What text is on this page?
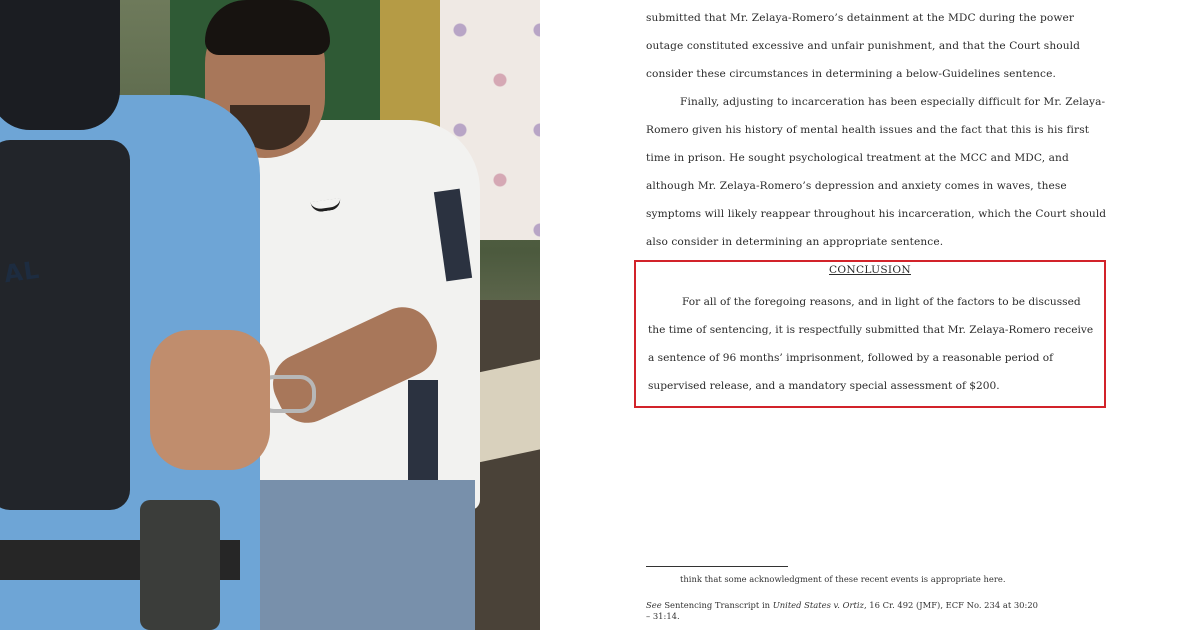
AL

submitted that Mr. Zelaya-Romero’s detainment at the MDC during the power
outage constituted excessive and unfair punishment, and that the Court should
consider these circumstances in determining a below-Guidelines sentence.

Finally, adjusting to incarceration has been especially difficult for Mr. Zelaya-
Romero given his history of mental health issues and the fact that this is his first
time in prison. He sought psychological treatment at the MCC and MDC, and
although Mr. Zelaya-Romero’s depression and anxiety comes in waves, these
symptoms will likely reappear throughout his incarceration, which the Court should
also consider in determining an appropriate sentence.

CONCLUSION

For all of the foregoing reasons, and in light of the factors to be discussed
the time of sentencing, it is respectfully submitted that Mr. Zelaya-Romero receive
a sentence of 96 months’ imprisonment, followed by a reasonable period of
supervised release, and a mandatory special assessment of $200.

think that some acknowledgment of these recent events is appropriate here.

See Sentencing Transcript in United States v. Ortiz, 16 Cr. 492 (JMF), ECF No. 234 at 30:20
– 31:14.
